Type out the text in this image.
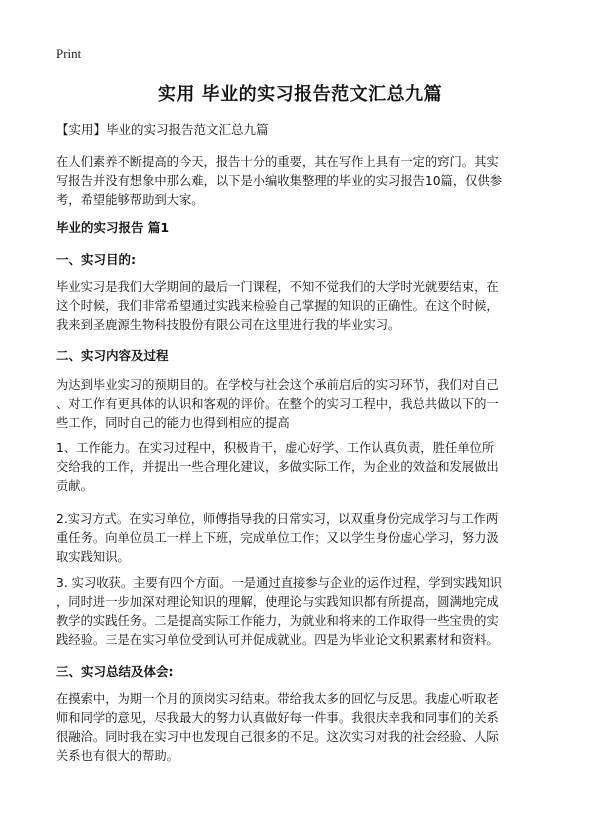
Print
实用 毕业的实习报告范文汇总九篇
【实用】毕业的实习报告范文汇总九篇

在人们素养不断提高的今天，报告十分的重要，其在写作上具有一定的窍门。其实
写报告并没有想象中那么难，以下是小编收集整理的毕业的实习报告10篇，仅供参
考，希望能够帮助到大家。

毕业的实习报告 篇1
一、实习目的:

毕业实习是我们大学期间的最后一门课程，不知不觉我们的大学时光就要结束，在
这个时候，我们非常希望通过实践来检验自己掌握的知识的正确性。在这个时候，
我来到圣鹿源生物科技股份有限公司在这里进行我的毕业实习。

二、实习内容及过程

为达到毕业实习的预期目的。在学校与社会这个承前启后的实习环节，我们对自己
、对工作有更具体的认识和客观的评价。在整个的实习工程中，我总共做以下的一
些工作，同时自己的能力也得到相应的提高

1、工作能力。在实习过程中，积极肯干，虚心好学、工作认真负责，胜任单位所
交给我的工作，并提出一些合理化建议，多做实际工作，为企业的效益和发展做出
贡献。

2.实习方式。在实习单位，师傅指导我的日常实习，以双重身份完成学习与工作两
重任务。向单位员工一样上下班，完成单位工作；又以学生身份虚心学习，努力汲
取实践知识。

3. 实习收获。主要有四个方面。一是通过直接参与企业的运作过程，学到实践知识
，同时进一步加深对理论知识的理解，使理论与实践知识都有所提高，圆满地完成
教学的实践任务。二是提高实际工作能力，为就业和将来的工作取得一些宝贵的实
践经验。三是在实习单位受到认可并促成就业。四是为毕业论文积累素材和资料。

三、实习总结及体会:

在摸索中，为期一个月的顶岗实习结束。带给我太多的回忆与反思。我虚心听取老
师和同学的意见，尽我最大的努力认真做好每一件事。我很庆幸我和同事们的关系
很融洽。同时我在实习中也发现自己很多的不足。这次实习对我的社会经验、人际
关系也有很大的帮助。
